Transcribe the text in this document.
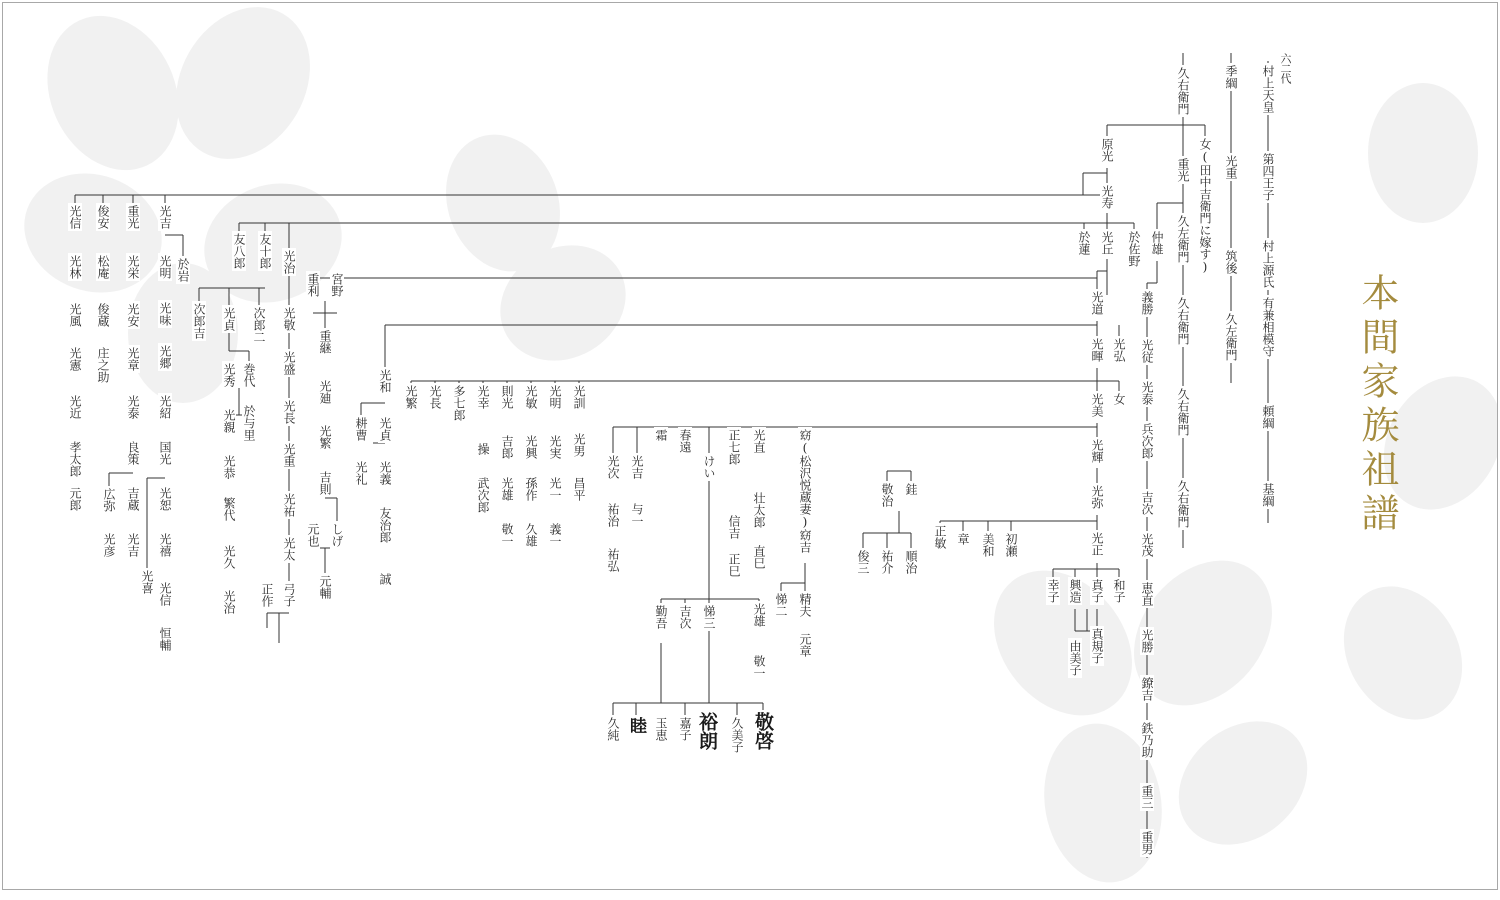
六二代
村上天皇
第四王子
村上源氏
有兼相模守
頼綱
基綱
季綱
光重
筑後
久左衛門
久右衛門
原光	女(田中吉衛門に嫁す)
光寿
光丘
於蓮	於佐野
重光
仲雄 久左衛門
久右衛門
久右衛門
久右衛門
義勝
光従
光泰
兵次郎
吉次
光茂
恵直
光勝
鐐吉
鉄乃助
重三
重男
光道
光暉 光弘
光美 女
光輝
光弥
光正
幸子 興造 真子 和子
由美子 真規子
正敏 章 美和 初瀬
銈
敬治
俊三 祐介 順治
窈(松沢悦蔵妻)窈吉
悌二 精夫
元章
光直
壮太郎
直巳
正七郎
信吉
正巳
けい
春遠
霜
光吉
与一
光次
祐治
祐弘
光雄
敬一
悌三
吉次
勤吾
敬啓
久美子
裕朗
嘉子
玉恵
睦
久純
光訓
光男
昌平
光明
光実
光一
義一
光敏
光興
孫作
久雄
則光
吉郎
光雄
敬一
光幸
操
武次郎
多七郎
光長
光繁
光和
光貞
光義
友治郎
誠
耕曹
光礼
宮野
重利
重継
光廸
光繁
吉則
しげ
元也
元輔
光治
光敬
光盛
光長
光重
光祐
光太
弓子
正作
友十郎
次郎二
友八郎
光貞
光秀 巻代
於与里
光親
光恭
繁代
光久
光治
次郎吉
光吉
於岩
光明
光味
光郷
光紹
国光
光恕
光禧
光信
恒輔
光喜
重光
光栄
光安
光章
光泰
良策
吉蔵
光吉
広弥
光彦
俊安
松庵
俊蔵
庄之助
光信
光林
光風
光憲
光近
孝太郎
元郎	本間家族祖譜
